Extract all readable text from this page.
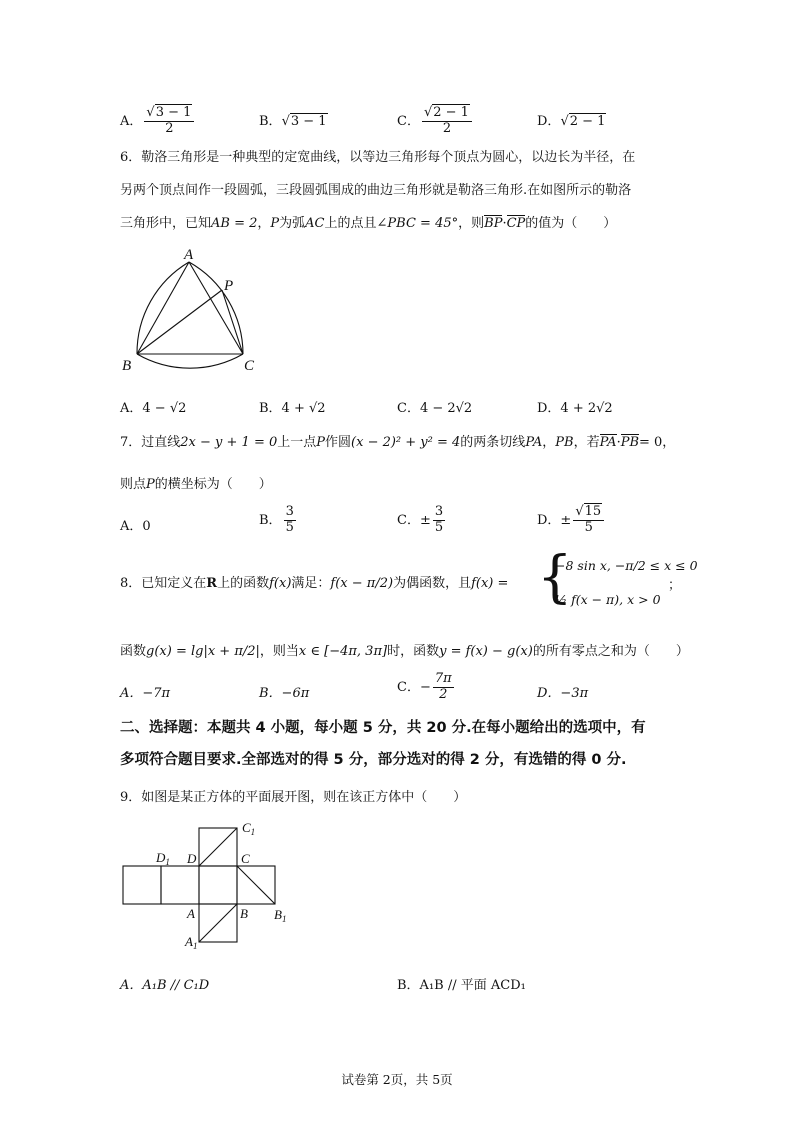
A． $\frac{√3 - 1}{2}$	B．√3 − 1	C． $\frac{√2 - 1}{2}$	D．√2 − 1
6．勒洛三角形是一种典型的定宽曲线，以等边三角形每个顶点为圆心，以边长为半径，在
另两个顶点间作一段圆弧，三段圆弧围成的曲边三角形就是勒洛三角形.在如图所示的勒洛
三角形中，已知AB = 2，P为弧AC上的点且∠PBC = 45°，则BP·CP的值为（　　）
A
P
B	C
A．4 − √2	B．4 + √2	C．4 − 2√2	D．4 + 2√2
7．过直线2x − y + 1 = 0上一点P作圆(x − 2)² + y² = 4的两条切线PA，PB，若PA·PB= 0，
则点P的横坐标为（　　）
A．0	B． $\frac{3}{5}$	C．± $\frac{3}{5}$	D．± $\frac{√15}{5}$
8．已知定义在R上的函数f(x)满足：f(x − π/2)为偶函数，且f(x) = {
−8 sin x, −π/2 ≤ x ≤ 0
½ f(x − π), x > 0
；
函数g(x) = lg|x + π/2|，则当x ∈ [−4π, 3π]时，函数y = f(x) − g(x)的所有零点之和为（　　）
A．−7π	B．−6π	C．− $\frac{7\pi}{2}$	D．−3π
二、选择题：本题共 4 小题，每小题 5 分，共 20 分.在每小题给出的选项中，有
多项符合题目要求.全部选对的得 5 分，部分选对的得 2 分，有选错的得 0 分.
9．如图是某正方体的平面展开图，则在该正方体中（　　）
$C_1$
$D_1$ D	C
A	B $B_1$
$A_1$
A．A₁B // C₁D	B．A₁B // 平面 ACD₁
试卷第 2页，共 5页
